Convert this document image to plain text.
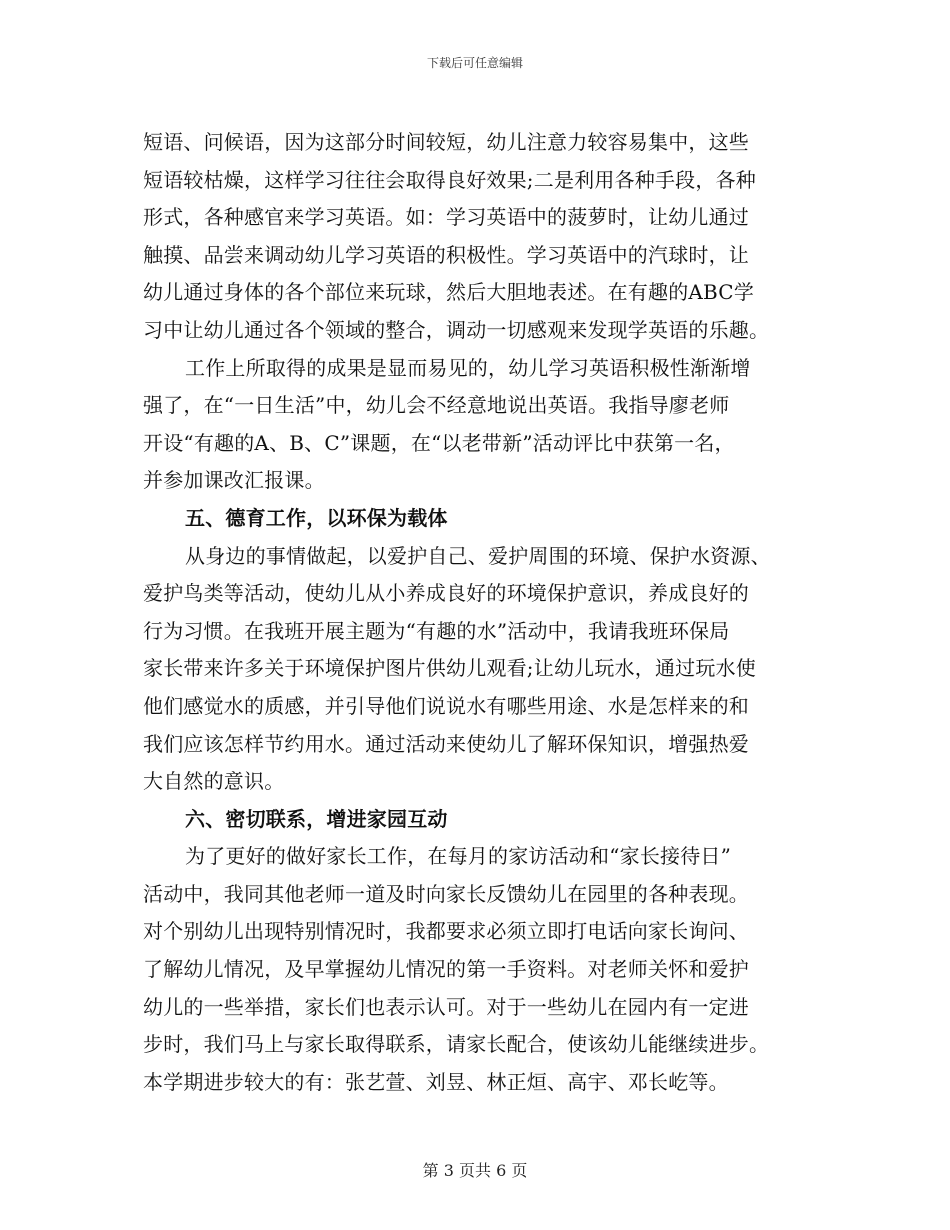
下载后可任意编辑
短语、问候语，因为这部分时间较短，幼儿注意力较容易集中，这些
短语较枯燥，这样学习往往会取得良好效果;二是利用各种手段，各种
形式，各种感官来学习英语。如：学习英语中的菠萝时，让幼儿通过
触摸、品尝来调动幼儿学习英语的积极性。学习英语中的汽球时，让
幼儿通过身体的各个部位来玩球，然后大胆地表述。在有趣的ABC学
习中让幼儿通过各个领域的整合，调动一切感观来发现学英语的乐趣。
工作上所取得的成果是显而易见的，幼儿学习英语积极性渐渐增
强了，在“一日生活”中，幼儿会不经意地说出英语。我指导廖老师
开设“有趣的A、B、C”课题，在“以老带新”活动评比中获第一名，
并参加课改汇报课。
五、德育工作，以环保为载体
从身边的事情做起，以爱护自己、爱护周围的环境、保护水资源、
爱护鸟类等活动，使幼儿从小养成良好的环境保护意识，养成良好的
行为习惯。在我班开展主题为“有趣的水”活动中，我请我班环保局
家长带来许多关于环境保护图片供幼儿观看;让幼儿玩水，通过玩水使
他们感觉水的质感，并引导他们说说水有哪些用途、水是怎样来的和
我们应该怎样节约用水。通过活动来使幼儿了解环保知识，增强热爱
大自然的意识。
六、密切联系，增进家园互动
为了更好的做好家长工作，在每月的家访活动和“家长接待日”
活动中，我同其他老师一道及时向家长反馈幼儿在园里的各种表现。
对个别幼儿出现特别情况时，我都要求必须立即打电话向家长询问、
了解幼儿情况，及早掌握幼儿情况的第一手资料。对老师关怀和爱护
幼儿的一些举措，家长们也表示认可。对于一些幼儿在园内有一定进
步时，我们马上与家长取得联系，请家长配合，使该幼儿能继续进步。
本学期进步较大的有：张艺萱、刘昱、林正烜、高宇、邓长屹等。
第 3 页共 6 页
